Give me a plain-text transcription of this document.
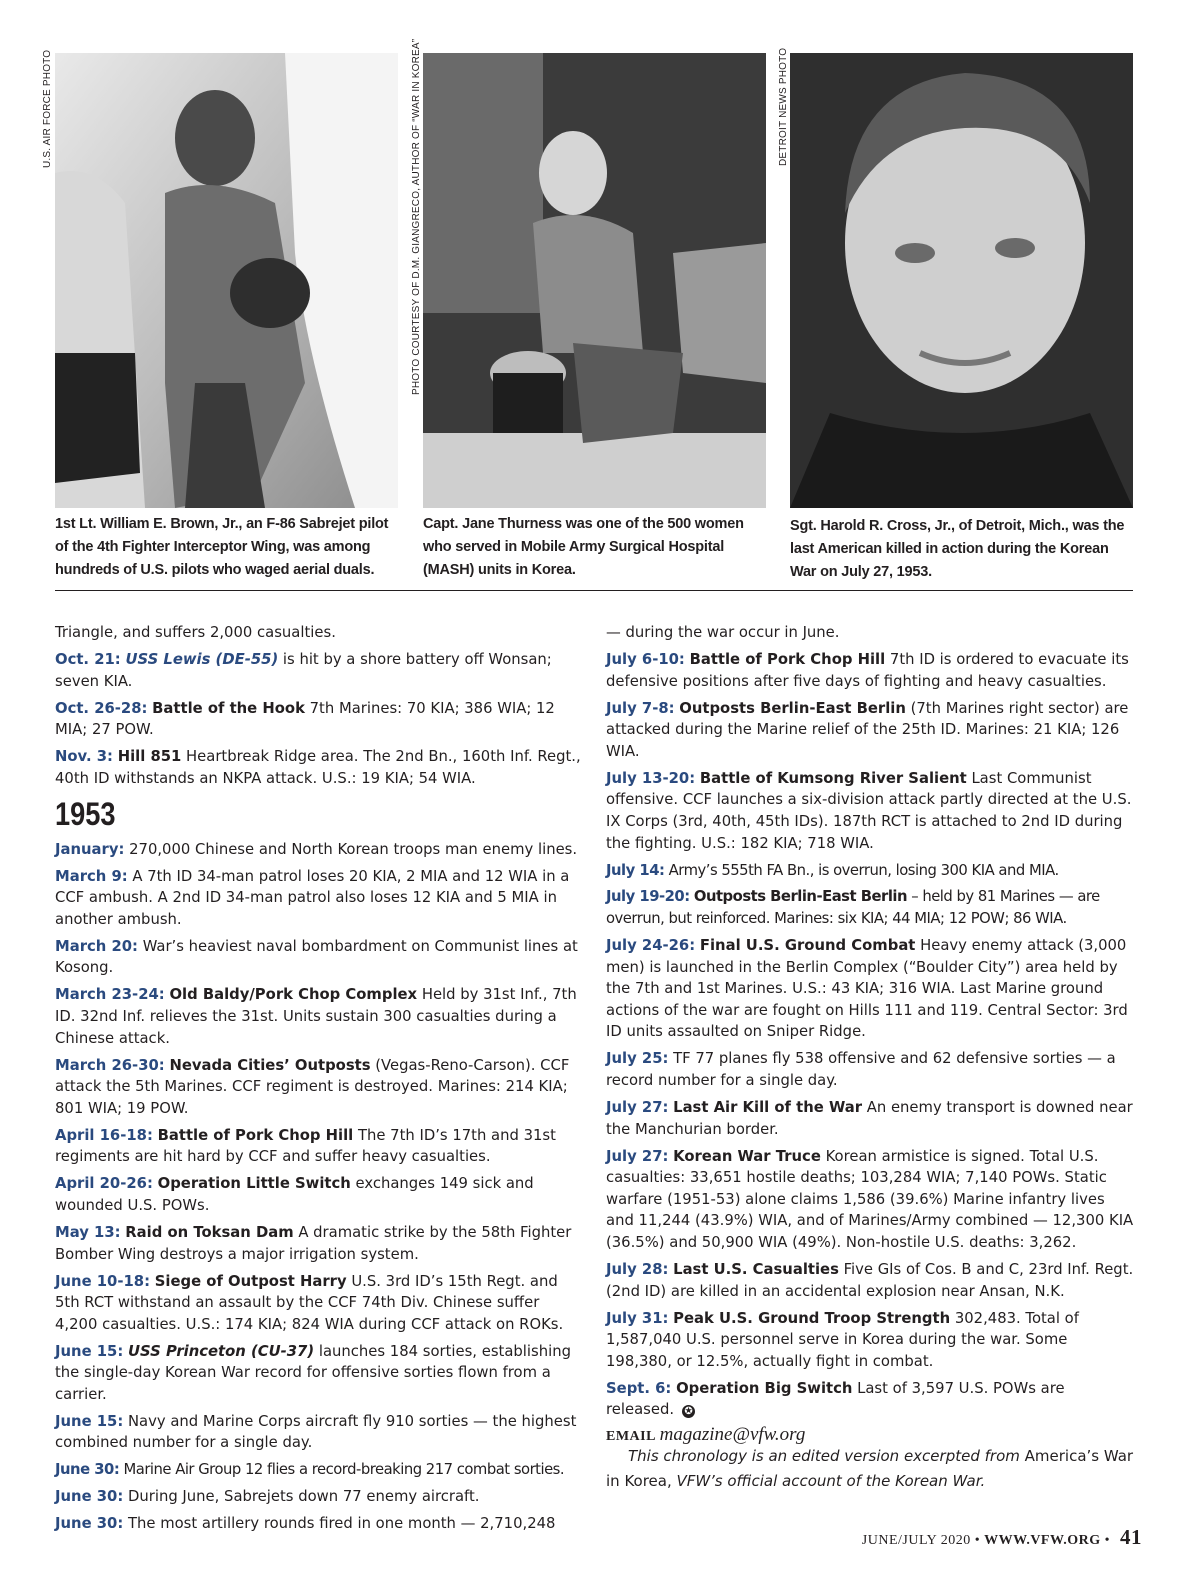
U.S. AIR FORCE PHOTO	PHOTO COURTESY OF D.M. GIANGRECO, AUTHOR OF “WAR IN KOREA”	DETROIT NEWS PHOTO
1st Lt. William E. Brown, Jr., an F-86 Sabrejet pilot of the 4th Fighter Interceptor Wing, was among hundreds of U.S. pilots who waged aerial duals.
Capt. Jane Thurness was one of the 500 women who served in Mobile Army Surgical Hospital (MASH) units in Korea.
Sgt. Harold R. Cross, Jr., of Detroit, Mich., was the last American killed in action during the Korean War on July 27, 1953.

Triangle, and suffers 2,000 casualties.

Oct. 21: USS Lewis (DE-55) is hit by a shore battery off Wonsan; seven KIA.

Oct. 26-28: Battle of the Hook 7th Marines: 70 KIA; 386 WIA; 12 MIA; 27 POW.

Nov. 3: Hill 851 Heartbreak Ridge area. The 2nd Bn., 160th Inf. Regt., 40th ID withstands an NKPA attack. U.S.: 19 KIA; 54 WIA.

1953

January: 270,000 Chinese and North Korean troops man enemy lines.

March 9: A 7th ID 34-man patrol loses 20 KIA, 2 MIA and 12 WIA in a CCF ambush. A 2nd ID 34-man patrol also loses 12 KIA and 5 MIA in another ambush.

March 20: War’s heaviest naval bombardment on Communist lines at Kosong.

March 23-24: Old Baldy/Pork Chop Complex Held by 31st Inf., 7th ID. 32nd Inf. relieves the 31st. Units sustain 300 casualties during a Chinese attack.

March 26-30: Nevada Cities’ Outposts (Vegas-Reno-Carson). CCF attack the 5th Marines. CCF regiment is destroyed. Marines: 214 KIA; 801 WIA; 19 POW.

April 16-18: Battle of Pork Chop Hill The 7th ID’s 17th and 31st regiments are hit hard by CCF and suffer heavy casualties.

April 20-26: Operation Little Switch exchanges 149 sick and wounded U.S. POWs.

May 13: Raid on Toksan Dam A dramatic strike by the 58th Fighter Bomber Wing destroys a major irrigation system.

June 10-18: Siege of Outpost Harry U.S. 3rd ID’s 15th Regt. and 5th RCT withstand an assault by the CCF 74th Div. Chinese suffer 4,200 casualties. U.S.: 174 KIA; 824 WIA during CCF attack on ROKs.

June 15: USS Princeton (CU-37) launches 184 sorties, establishing the single-day Korean War record for offensive sorties flown from a carrier.

June 15: Navy and Marine Corps aircraft fly 910 sorties — the highest combined number for a single day.

June 30: Marine Air Group 12 flies a record-breaking 217 combat sorties.

June 30: During June, Sabrejets down 77 enemy aircraft.

June 30: The most artillery rounds fired in one month — 2,710,248

— during the war occur in June.

July 6-10: Battle of Pork Chop Hill 7th ID is ordered to evacuate its defensive positions after five days of fighting and heavy casualties.

July 7-8: Outposts Berlin-East Berlin (7th Marines right sector) are attacked during the Marine relief of the 25th ID. Marines: 21 KIA; 126 WIA.

July 13-20: Battle of Kumsong River Salient Last Communist offensive. CCF launches a six-division attack partly directed at the U.S. IX Corps (3rd, 40th, 45th IDs). 187th RCT is attached to 2nd ID during the fighting. U.S.: 182 KIA; 718 WIA.

July 14: Army’s 555th FA Bn., is overrun, losing 300 KIA and MIA.

July 19-20: Outposts Berlin-East Berlin – held by 81 Marines — are overrun, but reinforced. Marines: six KIA; 44 MIA; 12 POW; 86 WIA.

July 24-26: Final U.S. Ground Combat Heavy enemy attack (3,000 men) is launched in the Berlin Complex (“Boulder City”) area held by the 7th and 1st Marines. U.S.: 43 KIA; 316 WIA. Last Marine ground actions of the war are fought on Hills 111 and 119. Central Sector: 3rd ID units assaulted on Sniper Ridge.

July 25: TF 77 planes fly 538 offensive and 62 defensive sorties — a record number for a single day.

July 27: Last Air Kill of the War An enemy transport is downed near the Manchurian border.

July 27: Korean War Truce Korean armistice is signed. Total U.S. casualties: 33,651 hostile deaths; 103,284 WIA; 7,140 POWs. Static warfare (1951-53) alone claims 1,586 (39.6%) Marine infantry lives and 11,244 (43.9%) WIA, and of Marines/Army combined — 12,300 KIA (36.5%) and 50,900 WIA (49%). Non-hostile U.S. deaths: 3,262.

July 28: Last U.S. Casualties Five GIs of Cos. B and C, 23rd Inf. Regt. (2nd ID) are killed in an accidental explosion near Ansan, N.K.

July 31: Peak U.S. Ground Troop Strength 302,483. Total of 1,587,040 U.S. personnel serve in Korea during the war. Some 198,380, or 12.5%, actually fight in combat.

Sept. 6: Operation Big Switch Last of 3,597 U.S. POWs are released. ✪

EMAIL magazine@vfw.org

This chronology is an edited version excerpted from America’s War in Korea, VFW’s official account of the Korean War.

JUNE/JULY 2020 • WWW.VFW.ORG • 41
